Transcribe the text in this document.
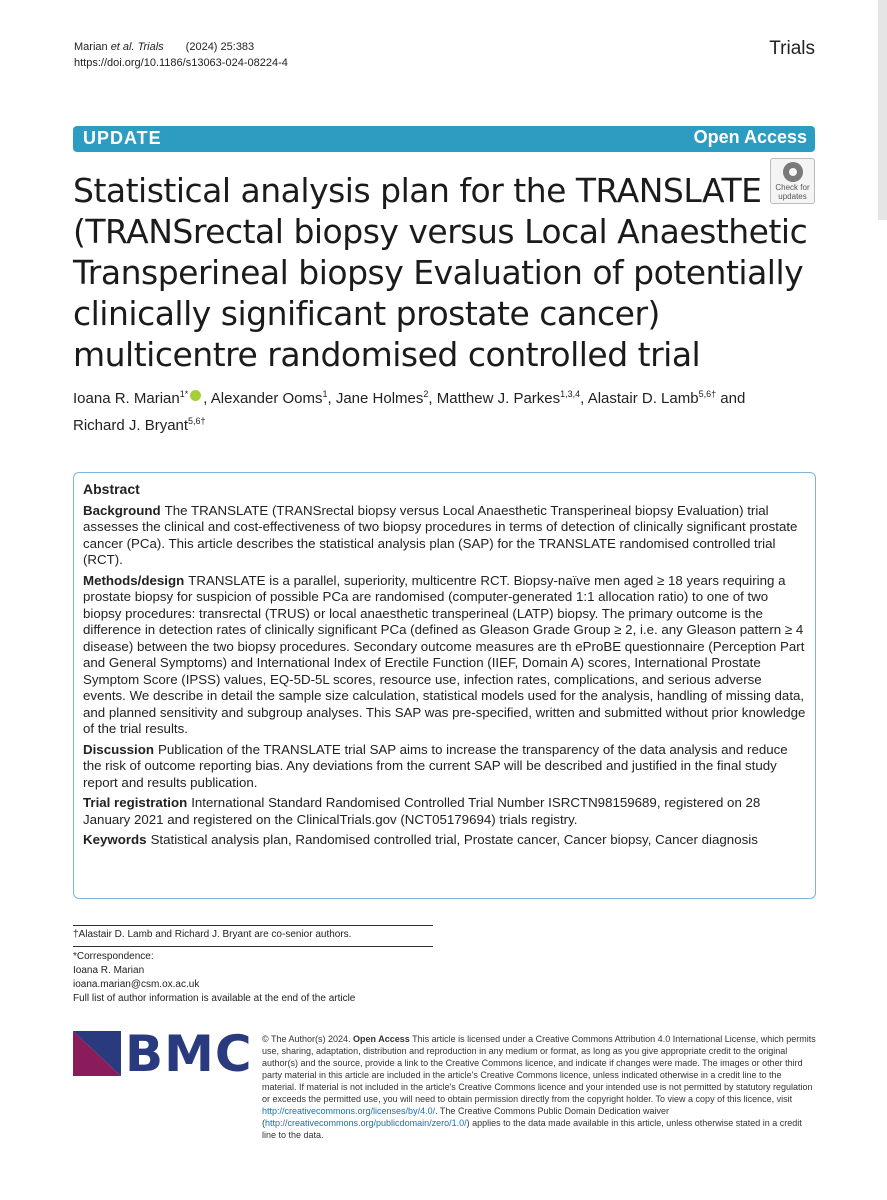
Marian et al. Trials (2024) 25:383
https://doi.org/10.1186/s13063-024-08224-4
Trials
UPDATE	Open Access
Statistical analysis plan for the TRANSLATE (TRANSrectal biopsy versus Local Anaesthetic Transperineal biopsy Evaluation of potentially clinically significant prostate cancer) multicentre randomised controlled trial
Check for
updates
Ioana R. Marian$^{1*}$ , Alexander Ooms$^1$, Jane Holmes$^2$, Matthew J. Parkes$^{1,3,4}$, Alastair D. Lamb$^{5,6\dagger}$ and
Richard J. Bryant$^{5,6\dagger}$
Abstract

Background The TRANSLATE (TRANSrectal biopsy versus Local Anaesthetic Transperineal biopsy Evaluation) trial assesses the clinical and cost-effectiveness of two biopsy procedures in terms of detection of clinically significant prostate cancer (PCa). This article describes the statistical analysis plan (SAP) for the TRANSLATE randomised controlled trial (RCT).

Methods/design TRANSLATE is a parallel, superiority, multicentre RCT. Biopsy-naïve men aged ≥ 18 years requiring a prostate biopsy for suspicion of possible PCa are randomised (computer-generated 1:1 allocation ratio) to one of two biopsy procedures: transrectal (TRUS) or local anaesthetic transperineal (LATP) biopsy. The primary outcome is the difference in detection rates of clinically significant PCa (defined as Gleason Grade Group ≥ 2, i.e. any Gleason pattern ≥ 4 disease) between the two biopsy procedures. Secondary outcome measures are th eProBE questionnaire (Perception Part and General Symptoms) and International Index of Erectile Function (IIEF, Domain A) scores, International Prostate Symptom Score (IPSS) values, EQ-5D-5L scores, resource use, infection rates, complications, and serious adverse events. We describe in detail the sample size calculation, statistical models used for the analysis, handling of missing data, and planned sensitivity and subgroup analyses. This SAP was pre-specified, written and submitted without prior knowledge of the trial results.

Discussion Publication of the TRANSLATE trial SAP aims to increase the transparency of the data analysis and reduce the risk of outcome reporting bias. Any deviations from the current SAP will be described and justified in the final study report and results publication.

Trial registration International Standard Randomised Controlled Trial Number ISRCTN98159689, registered on 28 January 2021 and registered on the ClinicalTrials.gov (NCT05179694) trials registry.

Keywords Statistical analysis plan, Randomised controlled trial, Prostate cancer, Cancer biopsy, Cancer diagnosis

†Alastair D. Lamb and Richard J. Bryant are co-senior authors.
*Correspondence:
Ioana R. Marian
ioana.marian@csm.ox.ac.uk
Full list of author information is available at the end of the article
BMC © The Author(s) 2024. Open Access This article is licensed under a Creative Commons Attribution 4.0 International License, which permits use, sharing, adaptation, distribution and reproduction in any medium or format, as long as you give appropriate credit to the original author(s) and the source, provide a link to the Creative Commons licence, and indicate if changes were made. The images or other third party material in this article are included in the article's Creative Commons licence, unless indicated otherwise in a credit line to the material. If material is not included in the article's Creative Commons licence and your intended use is not permitted by statutory regulation or exceeds the permitted use, you will need to obtain permission directly from the copyright holder. To view a copy of this licence, visit http://creativecommons.org/licenses/by/4.0/. The Creative Commons Public Domain Dedication waiver (http://creativecommons.org/publicdomain/zero/1.0/) applies to the data made available in this article, unless otherwise stated in a credit line to the data.
